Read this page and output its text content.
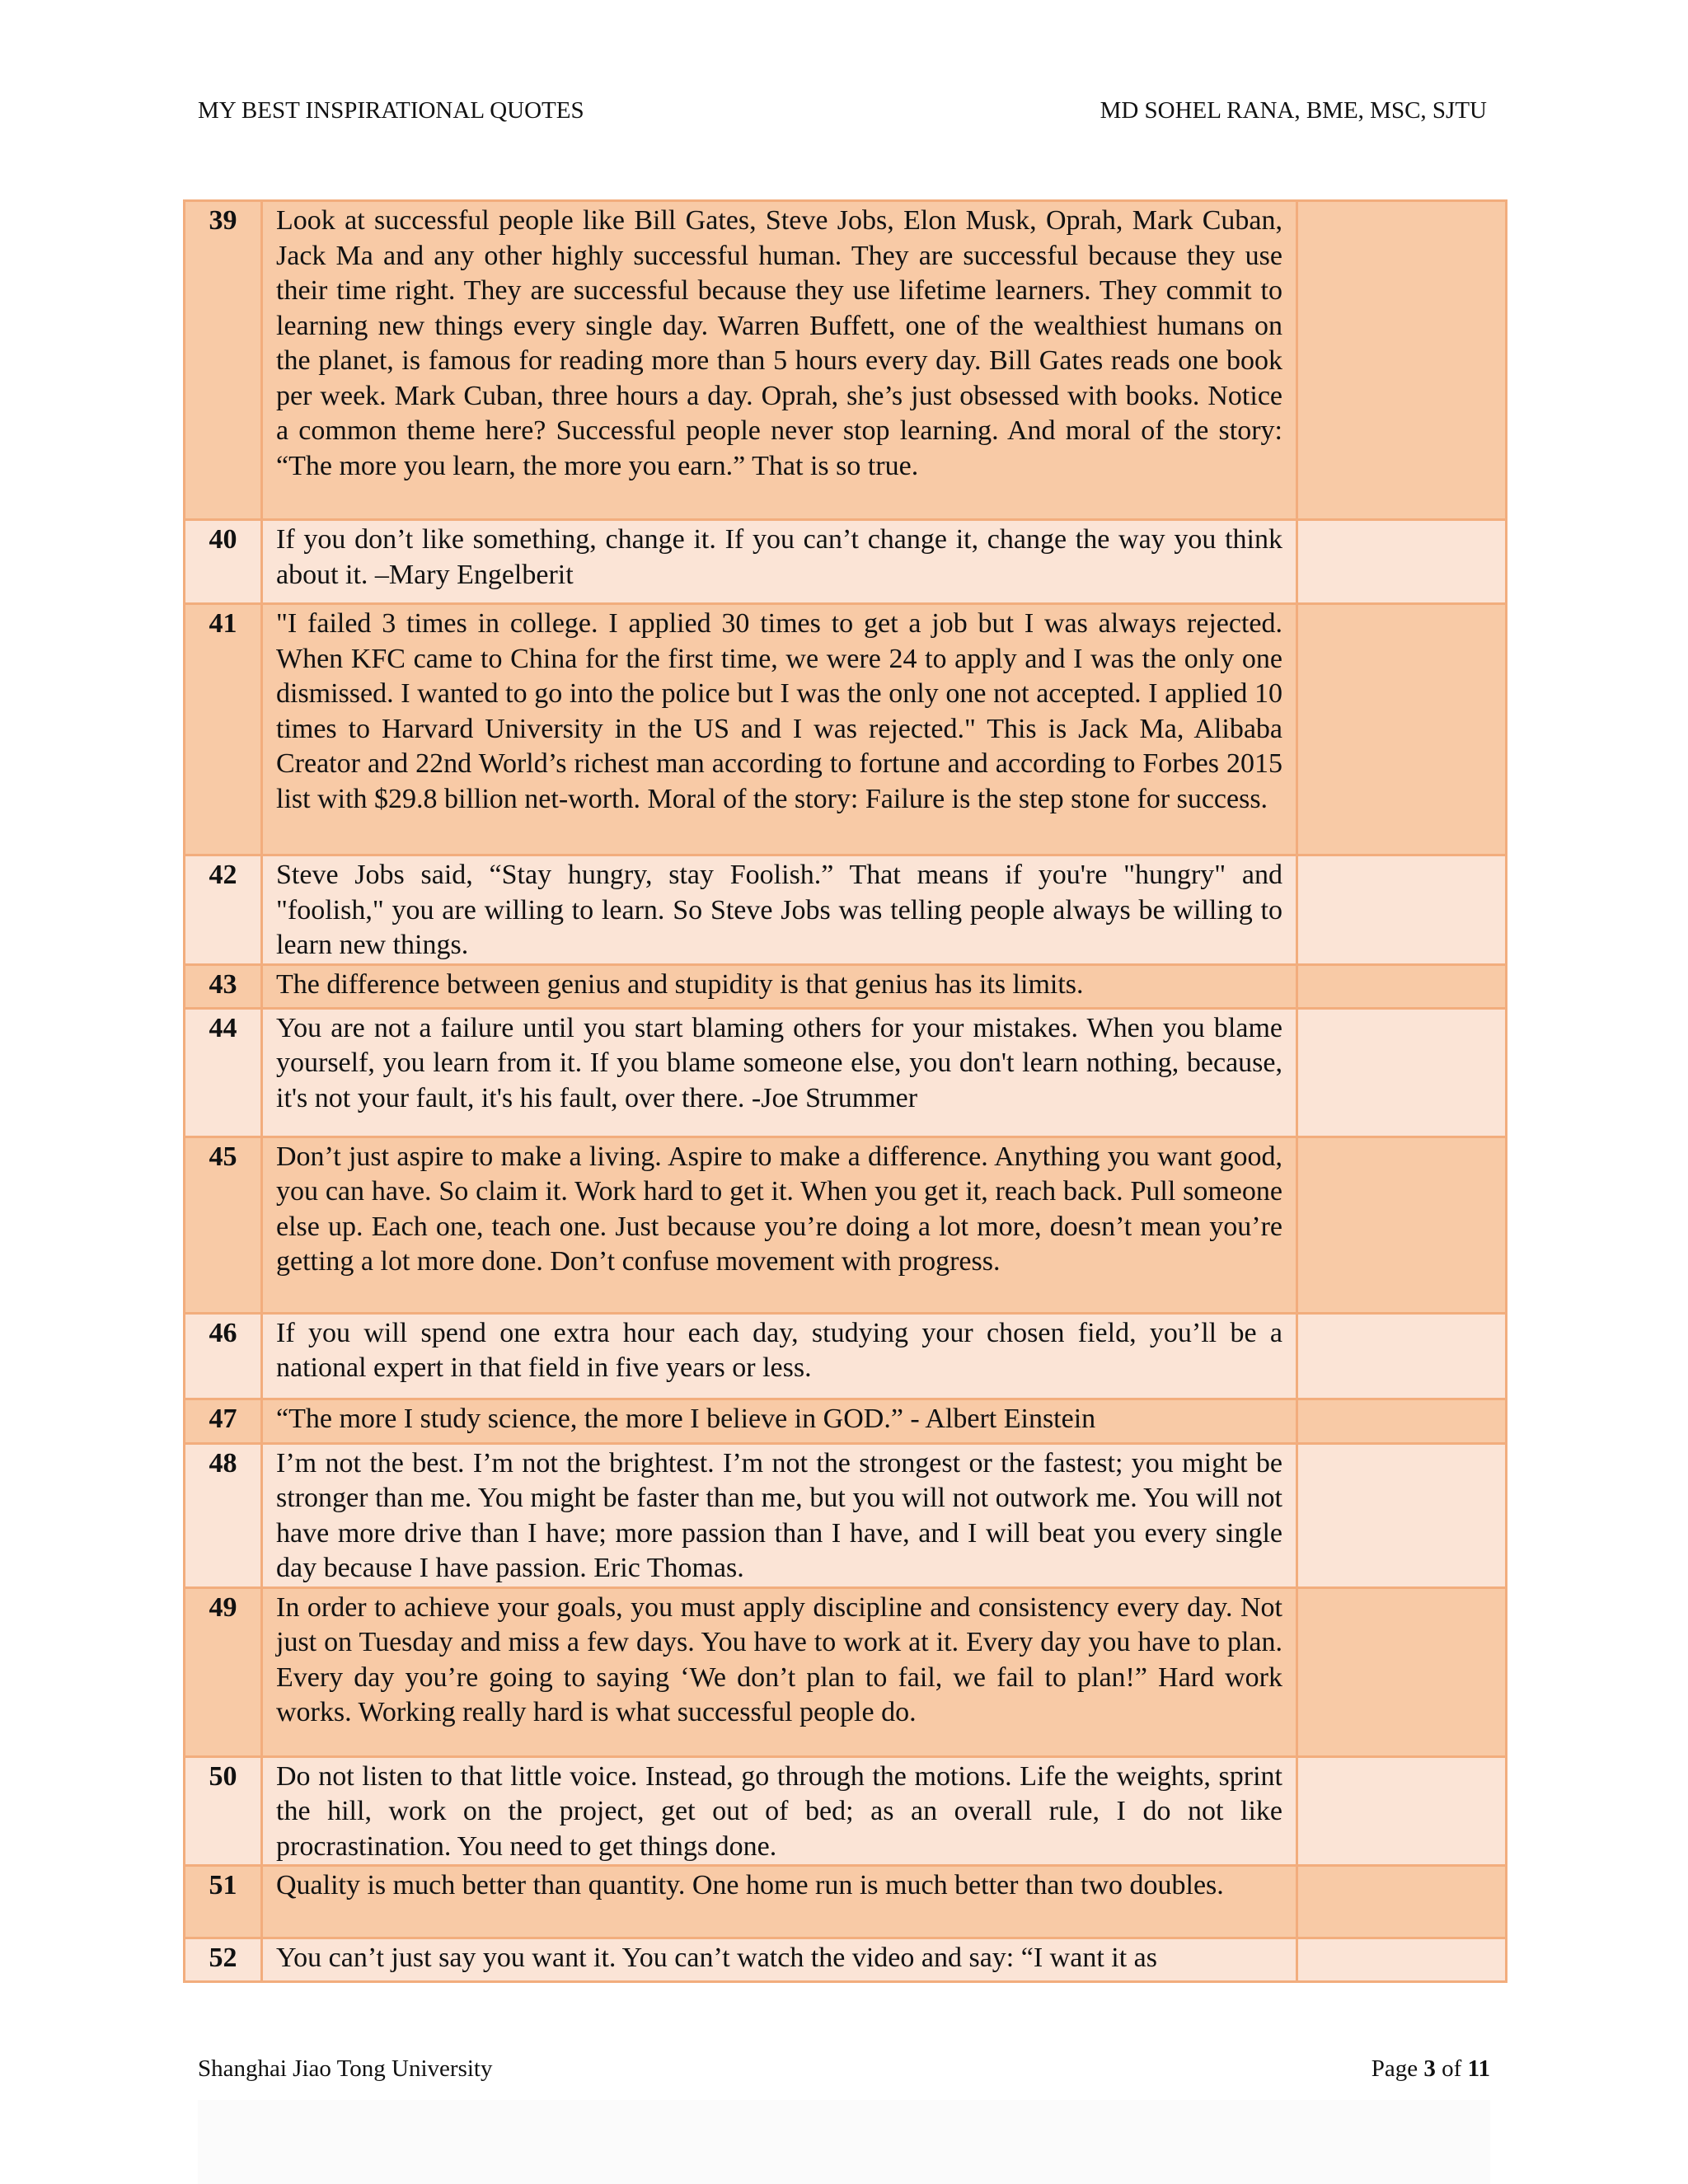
MY BEST INSPIRATIONAL QUOTES	MD SOHEL RANA, BME, MSC, SJTU
39	Look at successful people like Bill Gates, Steve Jobs, Elon Musk, Oprah, Mark Cuban, Jack Ma and any other highly successful human. They are successful because they use their time right. They are successful because they use lifetime learners. They commit to learning new things every single day. Warren Buffett, one of the wealthiest humans on the planet, is famous for reading more than 5 hours every day. Bill Gates reads one book per week. Mark Cuban, three hours a day. Oprah, she’s just obsessed with books. Notice a common theme here? Successful people never stop learning. And moral of the story: “The more you learn, the more you earn.” That is so true.	
40	If you don’t like something, change it. If you can’t change it, change the way you think about it. –Mary Engelberit	
41	"I failed 3 times in college. I applied 30 times to get a job but I was always rejected. When KFC came to China for the first time, we were 24 to apply and I was the only one dismissed. I wanted to go into the police but I was the only one not accepted. I applied 10 times to Harvard University in the US and I was rejected." This is Jack Ma, Alibaba Creator and 22nd World’s richest man according to fortune and according to Forbes 2015 list with $29.8 billion net-worth. Moral of the story: Failure is the step stone for success.	
42	Steve Jobs said, “Stay hungry, stay Foolish.” That means if you're "hungry" and "foolish," you are willing to learn. So Steve Jobs was telling people always be willing to learn new things.	
43	The difference between genius and stupidity is that genius has its limits.	
44	You are not a failure until you start blaming others for your mistakes. When you blame yourself, you learn from it. If you blame someone else, you don't learn nothing, because, it's not your fault, it's his fault, over there. -Joe Strummer	
45	Don’t just aspire to make a living. Aspire to make a difference. Anything you want good, you can have. So claim it. Work hard to get it. When you get it, reach back. Pull someone else up. Each one, teach one. Just because you’re doing a lot more, doesn’t mean you’re getting a lot more done. Don’t confuse movement with progress.	
46	If you will spend one extra hour each day, studying your chosen field, you’ll be a national expert in that field in five years or less.	
47	“The more I study science, the more I believe in GOD.” - Albert Einstein	
48	I’m not the best. I’m not the brightest. I’m not the strongest or the fastest; you might be stronger than me. You might be faster than me, but you will not outwork me. You will not have more drive than I have; more passion than I have, and I will beat you every single day because I have passion. Eric Thomas.	
49	In order to achieve your goals, you must apply discipline and consistency every day. Not just on Tuesday and miss a few days. You have to work at it. Every day you have to plan. Every day you’re going to saying ‘We don’t plan to fail, we fail to plan!” Hard work works. Working really hard is what successful people do.	
50	Do not listen to that little voice. Instead, go through the motions. Life the weights, sprint the hill, work on the project, get out of bed; as an overall rule, I do not like procrastination. You need to get things done.	
51	Quality is much better than quantity. One home run is much better than two doubles.	
52	You can’t just say you want it. You can’t watch the video and say: “I want it as	
Shanghai Jiao Tong University	Page 3 of 11
